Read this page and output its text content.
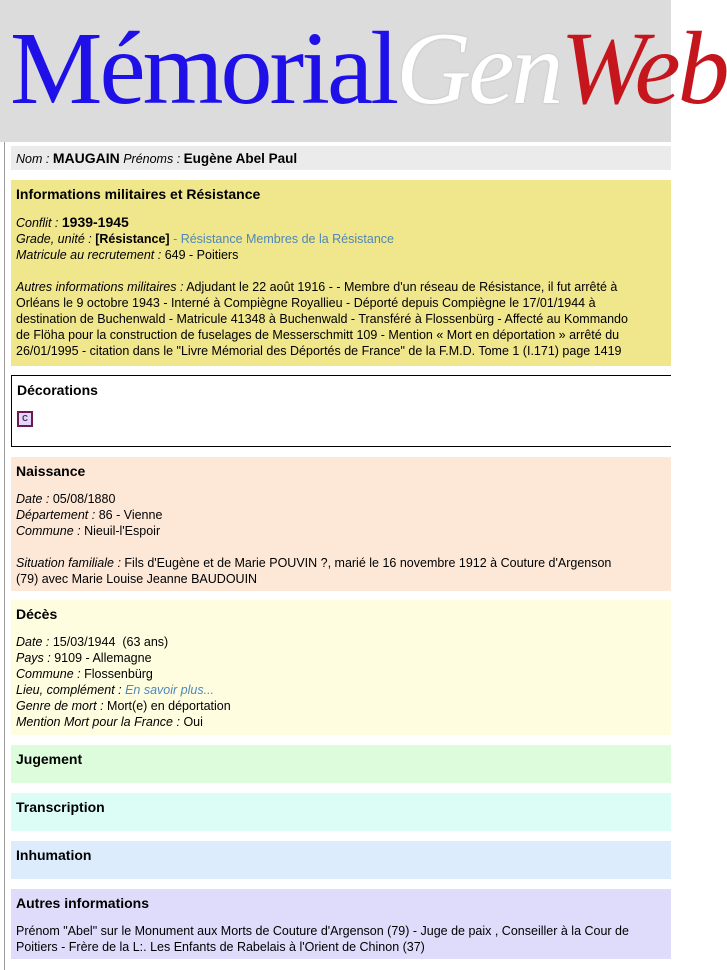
MémorialGenWeb
Nom : MAUGAIN Prénoms : Eugène Abel Paul
Informations militaires et Résistance

Conflit : 1939-1945

Grade, unité : [Résistance] - Résistance Membres de la Résistance

Matricule au recrutement : 649 - Poitiers

Autres informations militaires : Adjudant le 22 août 1916 - - Membre d'un réseau de Résistance, il fut arrêté à

Orléans le 9 octobre 1943 - Interné à Compiègne Royallieu - Déporté depuis Compiègne le 17/01/1944 à

destination de Buchenwald - Matricule 41348 à Buchenwald - Transféré à Flossenbürg - Affecté au Kommando

de Flöha pour la construction de fuselages de Messerschmitt 109 - Mention « Mort en déportation » arrêté du

26/01/1995 - citation dans le "Livre Mémorial des Déportés de France" de la F.M.D. Tome 1 (I.171) page 1419

Décorations
C
Naissance

Date : 05/08/1880

Département : 86 - Vienne

Commune : Nieuil-l'Espoir

Situation familiale : Fils d'Eugène et de Marie POUVIN ?, marié le 16 novembre 1912 à Couture d'Argenson

(79) avec Marie Louise Jeanne BAUDOUIN

Décès

Date : 15/03/1944  (63 ans)

Pays : 9109 - Allemagne

Commune : Flossenbürg

Lieu, complément : En savoir plus...

Genre de mort : Mort(e) en déportation

Mention Mort pour la France : Oui

Jugement
Transcription
Inhumation
Autres informations

Prénom "Abel" sur le Monument aux Morts de Couture d'Argenson (79) - Juge de paix , Conseiller à la Cour de

Poitiers - Frère de la L:. Les Enfants de Rabelais à l'Orient de Chinon (37)
